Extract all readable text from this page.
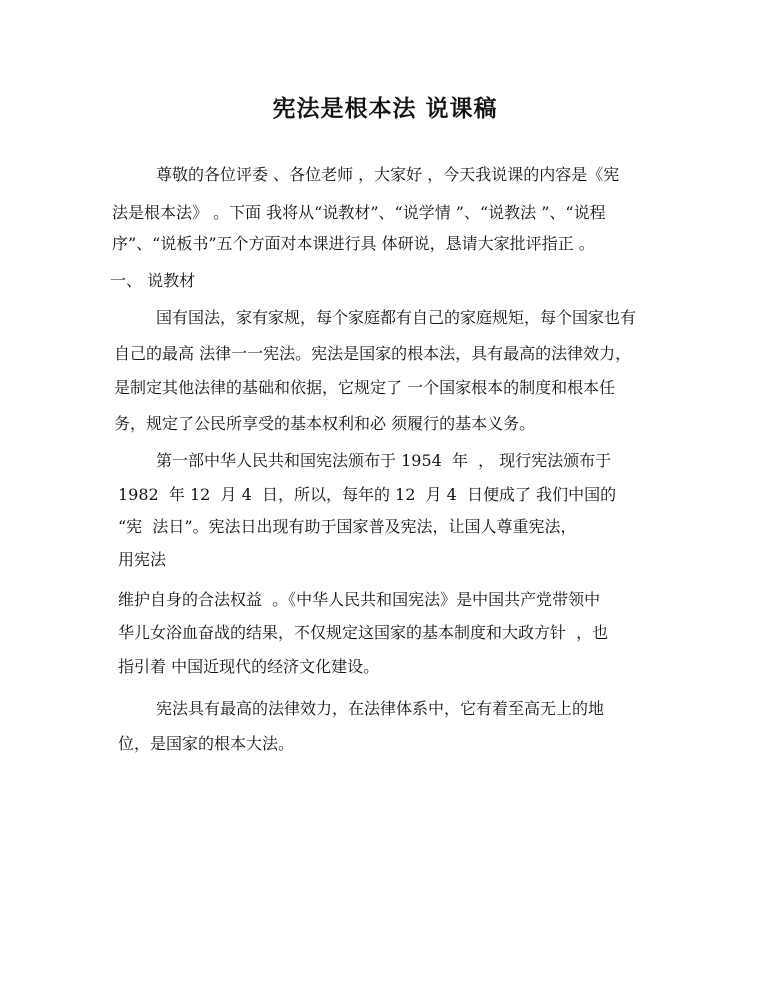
宪法是根本法 说课稿

尊敬的各位评委 、各位老师 ，大家好 ，今天我说课的内容是《宪

法是根本法》 。下面 我将从“说教材”、“说学情 ”、“说教法 ”、“说程

序”、“说板书”五个方面对本课进行具 体研说，恳请大家批评指正 。

一、 说教材

国有国法，家有家规，每个家庭都有自己的家庭规矩，每个国家也有

自己的最高 法律一一宪法。宪法是国家的根本法，具有最高的法律效力，

是制定其他法律的基础和依据，它规定了 一个国家根本的制度和根本任

务，规定了公民所享受的基本权利和必 须履行的基本义务。

第一部中华人民共和国宪法颁布于 1954  年  ， 现行宪法颁布于

1982  年 12  月 4  日，所以，每年的 12  月 4  日便成了 我们中国的

“宪  法日”。宪法日出现有助于国家普及宪法，让国人尊重宪法，

用宪法

维护自身的合法权益  。《中华人民共和国宪法》是中国共产党带领中

华儿女浴血奋战的结果，不仅规定这国家的基本制度和大政方针  ，也

指引着 中国近现代的经济文化建设。

宪法具有最高的法律效力，在法律体系中，它有着至高无上的地

位，是国家的根本大法。
